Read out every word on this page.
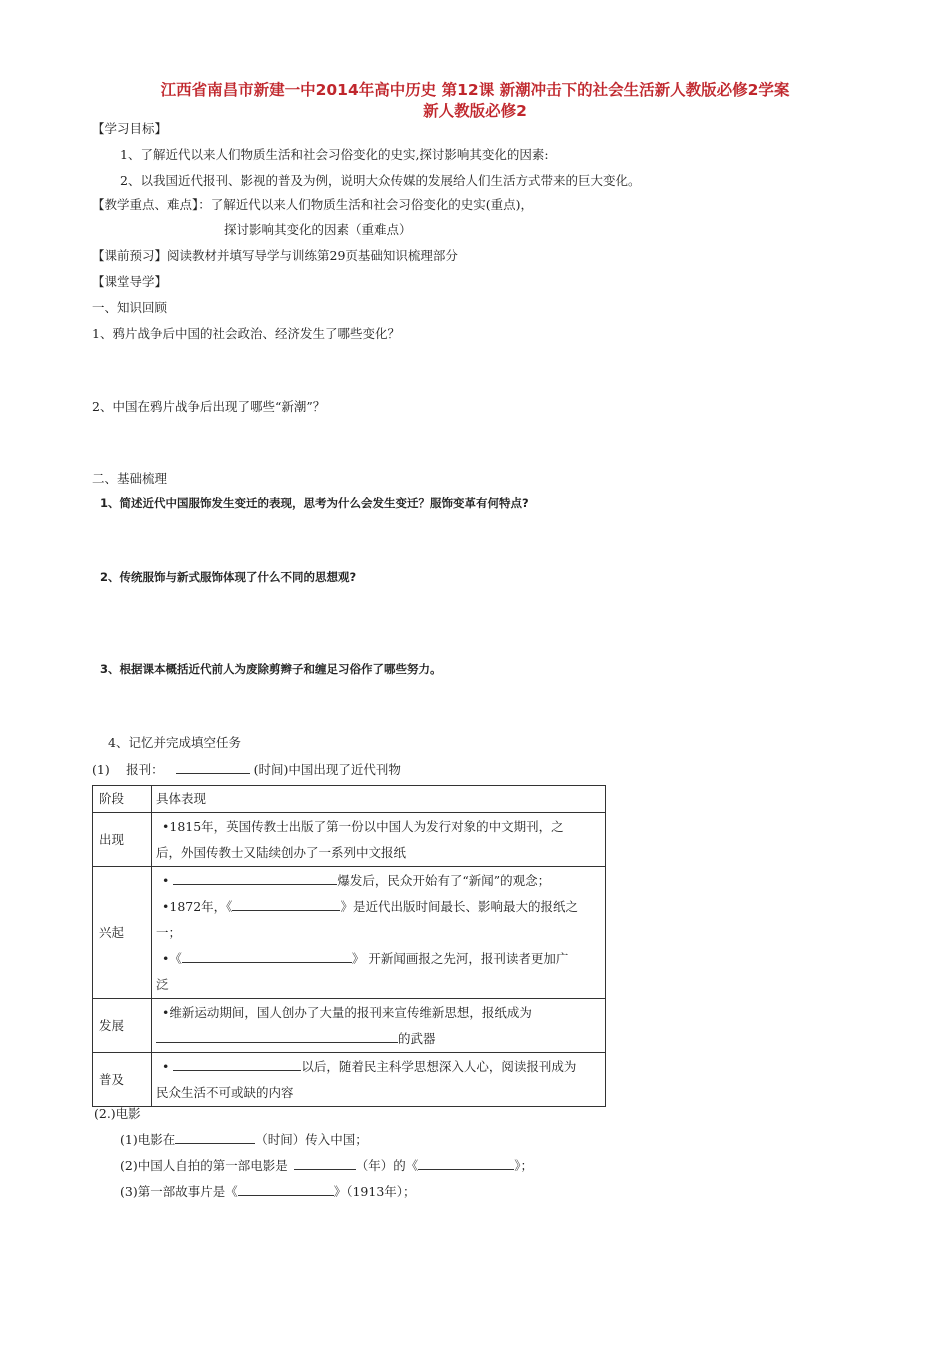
江西省南昌市新建一中2014年高中历史 第12课 新潮冲击下的社会生活新人教版必修2学案
新人教版必修2
【学习目标】
1、了解近代以来人们物质生活和社会习俗变化的史实,探讨影响其变化的因素:
2、以我国近代报刊、影视的普及为例，说明大众传媒的发展给人们生活方式带来的巨大变化。
【教学重点、难点】：了解近代以来人们物质生活和社会习俗变化的史实(重点)，
探讨影响其变化的因素（重难点）
【课前预习】阅读教材并填写导学与训练第29页基础知识梳理部分
【课堂导学】
一、知识回顾
1、鸦片战争后中国的社会政治、经济发生了哪些变化？
2、中国在鸦片战争后出现了哪些“新潮”？
二、基础梳理
1、简述近代中国服饰发生变迁的表现，思考为什么会发生变迁？服饰变革有何特点?
2、传统服饰与新式服饰体现了什么不同的思想观?
3、根据课本概括近代前人为废除剪辫子和缠足习俗作了哪些努力。
4、记忆并完成填空任务
(1)　 报刊：	(时间)中国出现了近代刊物
阶段	具体表现
出现	•1815年，英国传教士出版了第一份以中国人为发行对象的中文期刊，之
后，外国传教士又陆续创办了一系列中文报纸

兴起	• 爆发后，民众开始有了“新闻”的观念；
•1872年，《 》是近代出版时间最长、影响最大的报纸之
一；
•《 》 开新闻画报之先河，报刊读者更加广
泛

发展	•维新运动期间，国人创办了大量的报刊来宣传维新思想，报纸成为
的武器

普及	• 以后，随着民主科学思想深入人心，阅读报刊成为
民众生活不可或缺的内容
(2.)电影
(1)电影在	（时间）传入中国；
(2)中国人自拍的第一部电影是	（年）的《	》；
(3)第一部故事片是《	》（1913年）；
